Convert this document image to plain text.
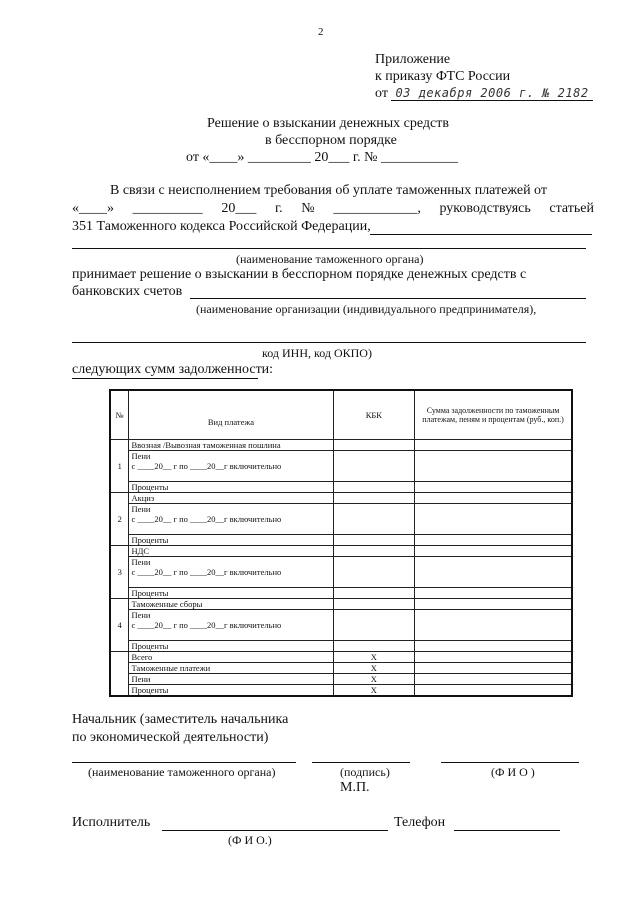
2
Приложение
к приказу ФТС России
от 03 декабря 2006 г. № 2182
Решение о взыскании денежных средств
в бесспорном порядке
от «____» _________ 20___ г. № ___________
В связи с неисполнением требования об уплате таможенных платежей от
«____» __________ 20___ г. № ____________, руководствуясь статьей
351 Таможенного кодекса Российской Федерации,
(наименование таможенного органа)
принимает решение о взыскании в бесспорном порядке денежных средств с
банковских счетов
(наименование организации (индивидуального предпринимателя),
код ИНН, код ОКПО)
следующих сумм задолженности:
№	Вид платежа	КБК	Сумма задолженности по таможенным платежам, пеням и процентам (руб., коп.)
1	Ввозная /Вывозная таможенная пошлина		

	Пени
с ____20__ г по ____20__г включительно		

	Проценты		
2	Акциз		

	Пени
с ____20__ г по ____20__г включительно		

	Проценты		
3	НДС		

	Пени
с ____20__ г по ____20__г включительно		

	Проценты		
4	Таможенные сборы		

	Пени
с ____20__ г по ____20__г включительно		

	Проценты		
	Всего	X	
	Таможенные платежи	X	
	Пени	X	
	Проценты	X	
Начальник (заместитель начальника
по экономической деятельности)
(наименование таможенного органа)	(подпись)	(Ф И О )
М.П.
Исполнитель	Телефон
(Ф И О.)
